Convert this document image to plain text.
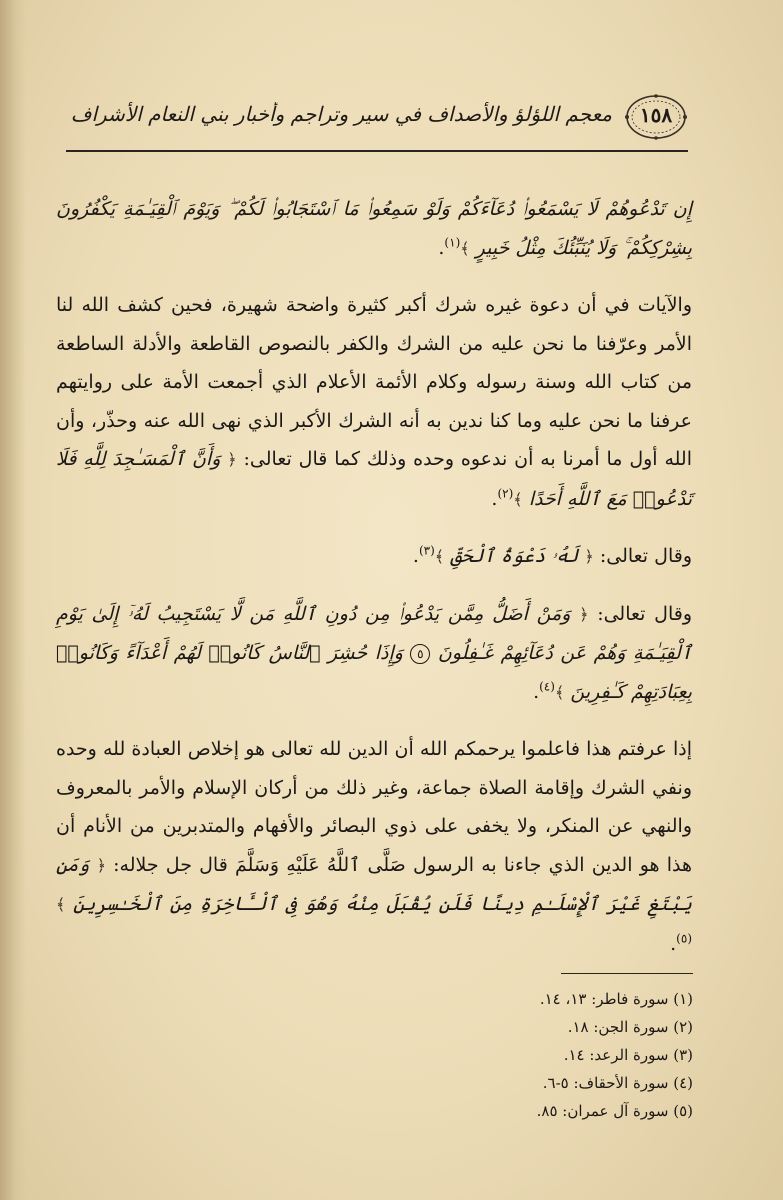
معجم اللؤلؤ والأصداف في سير وتراجم وأخبار بني النعام الأشراف	١٥٨

إِن تَدْعُوهُمْ لَا يَسْمَعُوا۟ دُعَآءَكُمْ وَلَوْ سَمِعُوا۟ مَا ٱسْتَجَابُوا۟ لَكُمْ ۖ وَيَوْمَ ٱلْقِيَـٰمَةِ يَكْفُرُونَ بِشِرْكِكُمْ ۚ وَلَا يُنَبِّئُكَ مِثْلُ خَبِيرٍ ﴾$^{(١)}$.

والآيات في أن دعوة غيره شرك أكبر كثيرة واضحة شهيرة، فحين كشف الله لنا الأمر وعرّفنا ما نحن عليه من الشرك والكفر بالنصوص القاطعة والأدلة الساطعة من كتاب الله وسنة رسوله وكلام الأئمة الأعلام الذي أجمعت الأمة على روايتهم عرفنا ما نحن عليه وما كنا ندين به أنه الشرك الأكبر الذي نهى الله عنه وحذّر، وأن الله أول ما أمرنا به أن ندعوه وحده وذلك كما قال تعالى: ﴿ وَأَنَّ ٱلْمَسَـٰجِدَ لِلَّهِ فَلَا تَدْعُوا۟ مَعَ ٱللَّهِ أَحَدًا ﴾$^{(٢)}$.

وقال تعالى: ﴿ لَهُۥ دَعْوَةُ ٱلْحَقِّ ﴾$^{(٣)}$.

وقال تعالى: ﴿ وَمَنْ أَضَلُّ مِمَّن يَدْعُوا۟ مِن دُونِ ٱللَّهِ مَن لَّا يَسْتَجِيبُ لَهُۥٓ إِلَىٰ يَوْمِ ٱلْقِيَـٰمَةِ وَهُمْ عَن دُعَآئِهِمْ غَـٰفِلُونَ ٥ وَإِذَا حُشِرَ ٱلنَّاسُ كَانُوا۟ لَهُمْ أَعْدَآءً وَكَانُوا۟ بِعِبَادَتِهِمْ كَـٰفِرِينَ ﴾$^{(٤)}$.

إذا عرفتم هذا فاعلموا يرحمكم الله أن الدين لله تعالى هو إخلاص العبادة لله وحده ونفي الشرك وإقامة الصلاة جماعة، وغير ذلك من أركان الإسلام والأمر بالمعروف والنهي عن المنكر، ولا يخفى على ذوي البصائر والأفهام والمتدبرين من الأنام أن هذا هو الدين الذي جاءنا به الرسول صَلَّى ٱللَّهُ عَلَيْهِ وَسَلَّمَ قال جل جلاله: ﴿ وَمَن يَبْتَغِ غَيْرَ ٱلْإِسْلَـٰمِ دِينًا فَلَن يُقْبَلَ مِنْهُ وَهُوَ فِى ٱلْـَٔاخِرَةِ مِنَ ٱلْخَـٰسِرِينَ ﴾$^{(٥)}$.

(١) سورة فاطر: ١٣، ١٤.
(٢) سورة الجن: ١٨.
(٣) سورة الرعد: ١٤.
(٤) سورة الأحقاف: ٥-٦.
(٥) سورة آل عمران: ٨٥.
